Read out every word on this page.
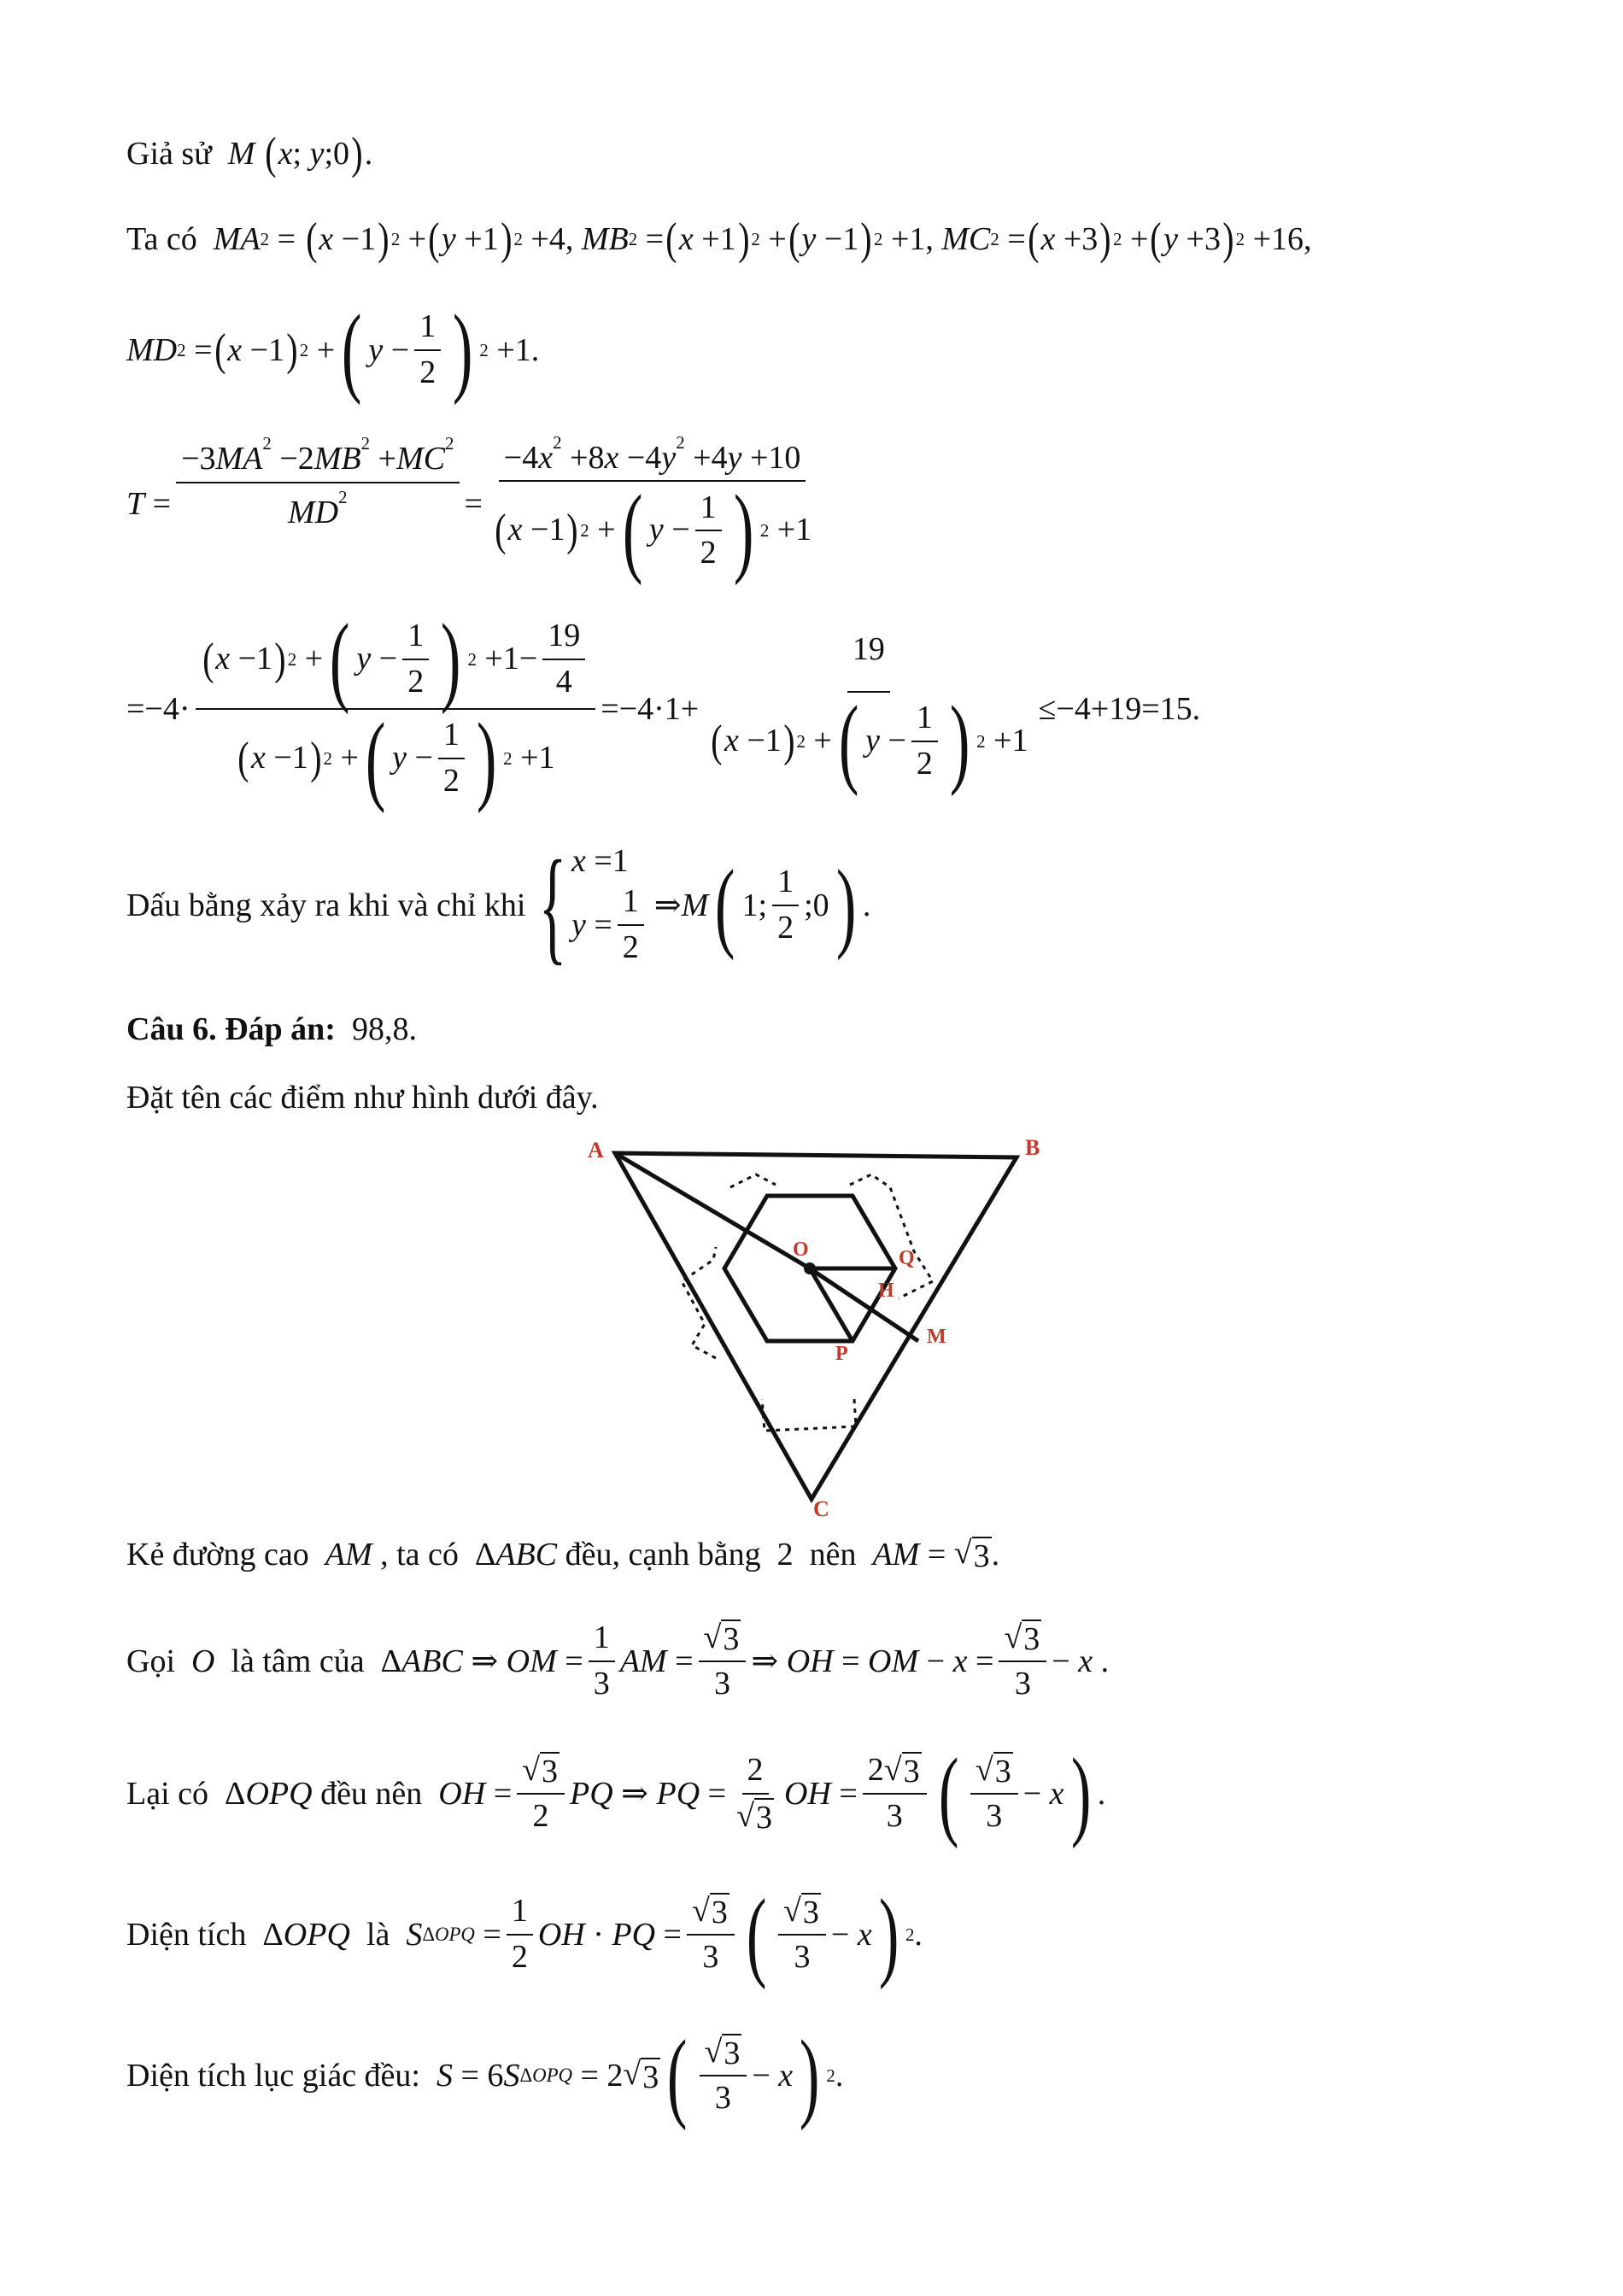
Giả sử
M
( x ; y ;0 ) .
Ta có
MA 2 = ( x −1 ) 2 + ( y +1 ) 2 +4, MB 2 = ( x +1 ) 2 + ( y −1 ) 2 +1, MC 2 = ( x +3 ) 2 + ( y +3 ) 2 +16,
MD 2 = ( x −1 ) 2 + ( $y - \frac{1}{2}$ ) 2 +1.
$T = \frac{-3MA^2 -2MB^2 +MC^2}{MD^2} = \frac{-4x^2 +8x -4y^2 +4y +10}{( x -1 ) 2 + ( y - \frac{1}{2} ) 2 +1}$
$=-4\cdot \frac{( x -1 ) 2 + ( y - \frac{1}{2} ) 2 +1- \frac{19}{4}}{( x -1 ) 2 + ( y - \frac{1}{2} ) 2 +1} =-4\cdot 1+ \frac{19}{( x -1 ) 2 + ( y - \frac{1}{2} ) 2 +1} \le-4+19=15$.
Dấu bằng xảy ra khi và chỉ khi
{ x =1
$y = \frac{1}{2}$ ⇒ M ( 1; $\frac{1}{2}$ ;0 ) .
Câu 6. Đáp án:
98,8 .
Đặt tên các điểm như hình dưới đây.
A	B
C
O	Q
H
M
P
Kẻ đường cao
AM
, ta có Δ ABC
đều, cạnh bằng 2 nên
AM = √ 3 .
Gọi
O
là tâm của Δ ABC ⇒ OM = $\frac{1}{3}$ AM = $\frac{√ 3}{3}$ ⇒ OH = OM − $x = \frac{√ 3}{3} - x$ .
Lại có Δ OPQ
đều nên
OH = $\frac{√ 3}{2}$ PQ ⇒ PQ = $\frac{2}{√ 3}$ OH = $\frac{2√ 3}{3}$ ( $\frac{√ 3}{3} - x$ ) .
Diện tích Δ OPQ
là
S $\Delta OPQ = \frac{1}{2}$ OH · PQ = $\frac{√ 3}{3}$ ( $\frac{√ 3}{3} - x$ ) 2 .
Diện tích lục giác đều:
S = 6 S ΔOPQ = 2 √ 3 ( $\frac{√ 3}{3} - x$ ) 2 .
